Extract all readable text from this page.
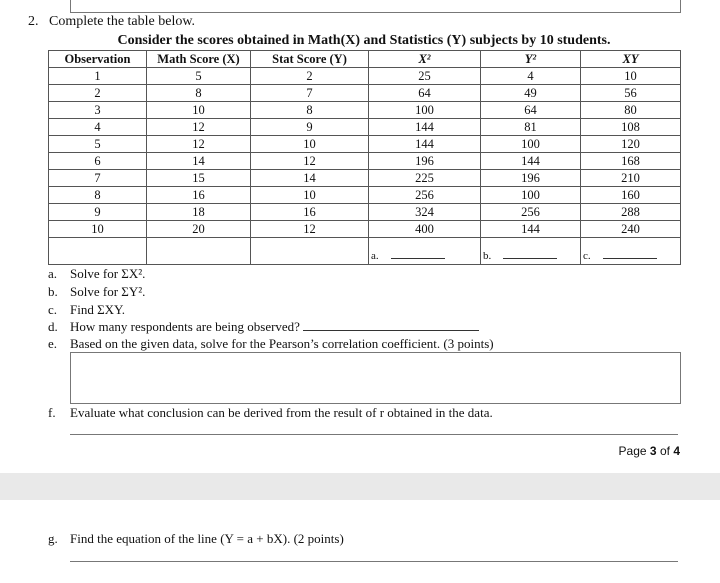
2. Complete the table below.
Consider the scores obtained in Math(X) and Statistics (Y) subjects by 10 students.
Observation	Math Score (X)	Stat Score (Y)	X²	Y²	XY
1	5	2	25	4	10
2	8	7	64	49	56
3	10	8	100	64	80
4	12	9	144	81	108
5	12	10	144	100	120
6	14	12	196	144	168
7	15	14	225	196	210
8	16	10	256	100	160
9	18	16	324	256	288
10	20	12	400	144	240
			a.	b.	c.
a. Solve for ΣX².
b. Solve for ΣY².
c. Find ΣXY.
d. How many respondents are being observed?
e. Based on the given data, solve for the Pearson’s correlation coefficient. (3 points)
f. Evaluate what conclusion can be derived from the result of r obtained in the data.
Page 3 of 4
g. Find the equation of the line (Y = a + bX). (2 points)
